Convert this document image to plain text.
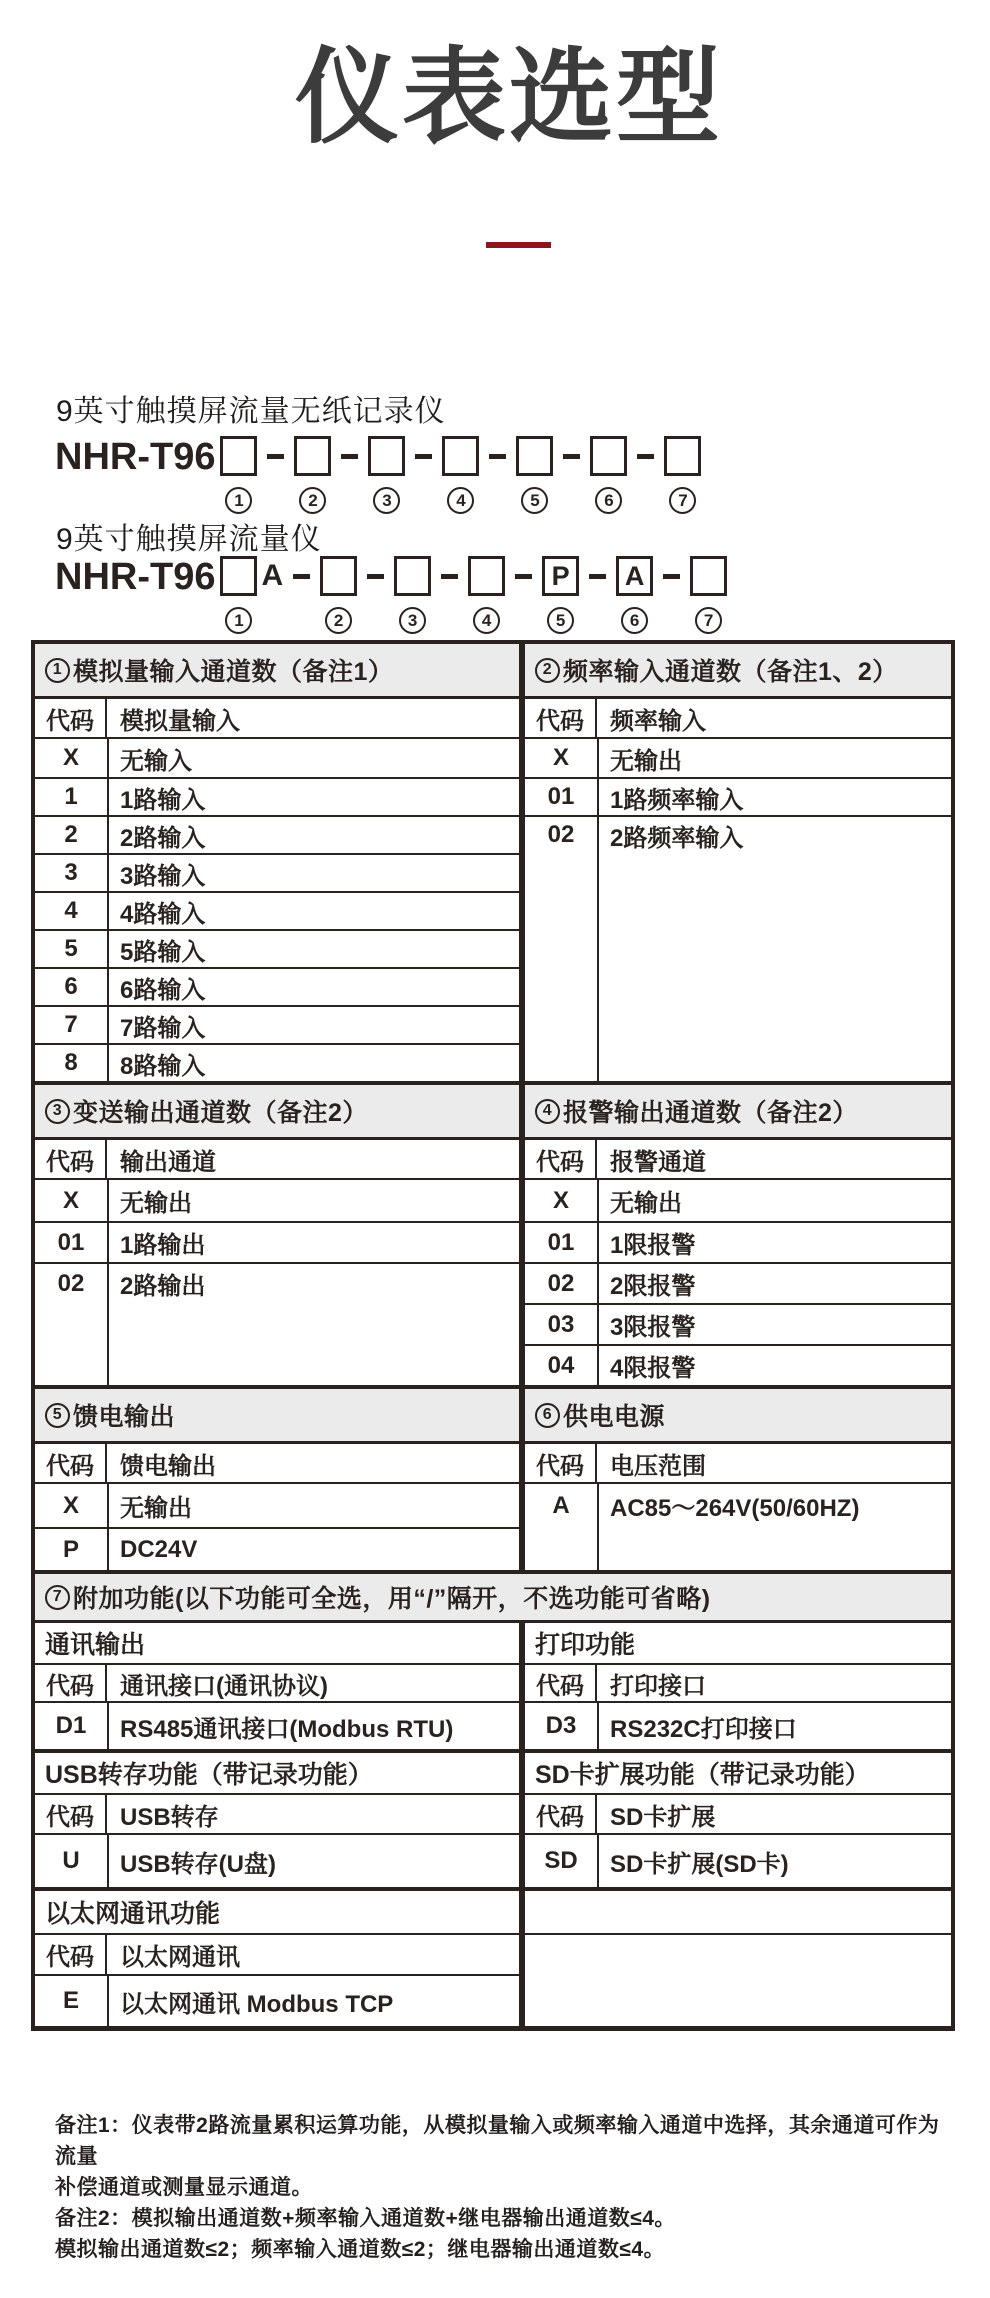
仪表选型
9英寸触摸屏流量无纸记录仪
NHR-T96
1	2	3	4	5	6	7
9英寸触摸屏流量仪
NHR-T96
1
A
2	3	4
P
5
A
6	7
1 模拟量输入通道数（备注1）
代码	模拟量输入
X	无输入
1	1路输入
2	2路输入
3	3路输入
4	4路输入
5	5路输入
6	6路输入
7	7路输入
8	8路输入
2 频率输入通道数（备注1、2）
代码	频率输入
X	无输出
01	1路频率输入
02	2路频率输入
3 变送输出通道数（备注2）
代码	输出通道
X	无输出
01	1路输出
02	2路输出
4 报警输出通道数（备注2）
代码	报警通道
X	无输出
01	1限报警
02	2限报警
03	3限报警
04	4限报警
5 馈电输出
代码	馈电输出
X	无输出
P	DC24V
6 供电电源
代码	电压范围
A	AC85～264V(50/60HZ)
7 附加功能(以下功能可全选，用“/”隔开，不选功能可省略)
通讯输出
代码	通讯接口(通讯协议)
D1	RS485通讯接口(Modbus RTU)
打印功能
代码	打印接口
D3	RS232C打印接口
USB转存功能（带记录功能）
代码	USB转存
U	USB转存(U盘)
SD卡扩展功能（带记录功能）
代码	SD卡扩展
SD	SD卡扩展(SD卡)
以太网通讯功能
代码	以太网通讯
E	以太网通讯 Modbus TCP
备注1：仪表带2路流量累积运算功能，从模拟量输入或频率输入通道中选择，其余通道可作为流量
补偿通道或测量显示通道。
备注2：模拟输出通道数+频率输入通道数+继电器输出通道数≤4。
模拟输出通道数≤2；频率输入通道数≤2；继电器输出通道数≤4。
